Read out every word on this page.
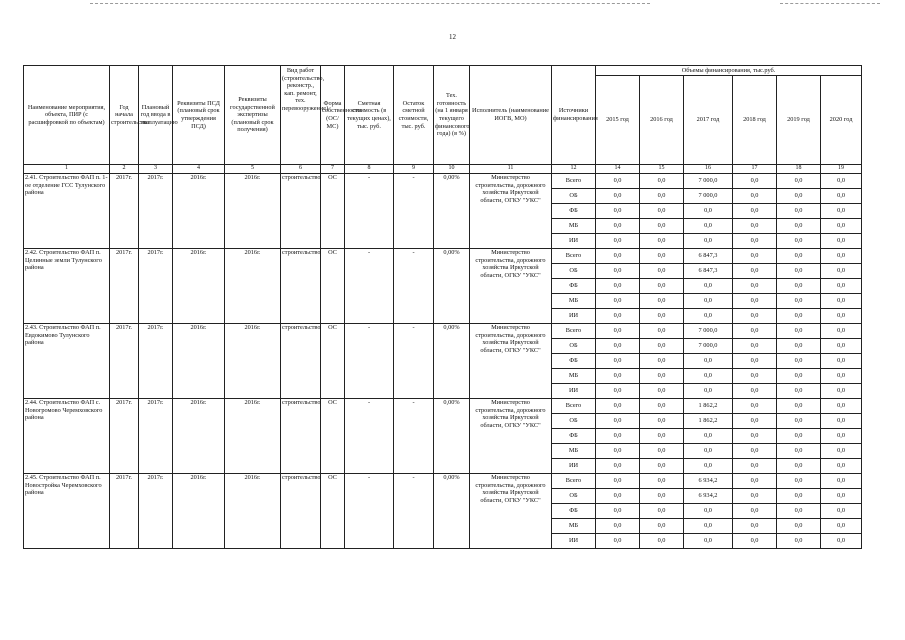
12
Наименование мероприятия, объекта, ПИР (с расшифровкой по объектам)	Год начала строительства	Плановый год ввода в эксплуатацию	Реквизиты ПСД (плановый срок утверждения ПСД)	Реквизиты государственной экспертизы (плановый срок получения)	Вид работ (строительство, реконстр., кап. ремонт, тех. перевооружение)	Форма собственности (ОС/МС)	Сметная стоимость (в текущих ценах), тыс. руб.	Остаток сметной стоимости, тыс. руб.	Тех. готовность (на 1 января текущего финансового года) (в %)	Исполнитель (наименование ИОГВ, МО)	Источники финансирования	Объемы финансирования, тыс.руб.					
												2015 год	2016 год	2017 год	2018 год	2019 год	2020 год
1	2	3	4	5	6	7	8	9	10	11	12	14	15	16	17	18	19
2.41. Строительство ФАП п. 1-ое отделение ГСС Тулунского района	2017г.	2017г.	2016г.	2016г.	строительство	ОС	-	-	0,00%	Министерство строительства, дорожного хозяйства Иркутской области, ОГКУ "УКС"	Всего	0,0	0,0	7 000,0	0,0	0,0	0,0
											ОБ	0,0	0,0	7 000,0	0,0	0,0	0,0
											ФБ	0,0	0,0	0,0	0,0	0,0	0,0
											МБ	0,0	0,0	0,0	0,0	0,0	0,0
											ИИ	0,0	0,0	0,0	0,0	0,0	0,0
2.42. Строительство ФАП п. Целинные земли Тулунского района	2017г.	2017г.	2016г.	2016г.	строительство	ОС	-	-	0,00%	Министерство строительства, дорожного хозяйства Иркутской области, ОГКУ "УКС"	Всего	0,0	0,0	6 847,3	0,0	0,0	0,0
											ОБ	0,0	0,0	6 847,3	0,0	0,0	0,0
											ФБ	0,0	0,0	0,0	0,0	0,0	0,0
											МБ	0,0	0,0	0,0	0,0	0,0	0,0
											ИИ	0,0	0,0	0,0	0,0	0,0	0,0
2.43. Строительство ФАП п. Евдокимово Тулунского района	2017г.	2017г.	2016г.	2016г.	строительство	ОС	-	-	0,00%	Министерство строительства, дорожного хозяйства Иркутской области, ОГКУ "УКС"	Всего	0,0	0,0	7 000,0	0,0	0,0	0,0
											ОБ	0,0	0,0	7 000,0	0,0	0,0	0,0
											ФБ	0,0	0,0	0,0	0,0	0,0	0,0
											МБ	0,0	0,0	0,0	0,0	0,0	0,0
											ИИ	0,0	0,0	0,0	0,0	0,0	0,0
2.44. Строительство ФАП с. Новогромово Черемховского района	2017г.	2017г.	2016г.	2016г.	строительство	ОС	-	-	0,00%	Министерство строительства, дорожного хозяйства Иркутской области, ОГКУ "УКС"	Всего	0,0	0,0	1 862,2	0,0	0,0	0,0
											ОБ	0,0	0,0	1 862,2	0,0	0,0	0,0
											ФБ	0,0	0,0	0,0	0,0	0,0	0,0
											МБ	0,0	0,0	0,0	0,0	0,0	0,0
											ИИ	0,0	0,0	0,0	0,0	0,0	0,0
2.45. Строительство ФАП п. Новостройка Черемховского района	2017г.	2017г.	2016г.	2016г.	строительство	ОС	-	-	0,00%	Министерство строительства, дорожного хозяйства Иркутской области, ОГКУ "УКС"	Всего	0,0	0,0	6 934,2	0,0	0,0	0,0
											ОБ	0,0	0,0	6 934,2	0,0	0,0	0,0
											ФБ	0,0	0,0	0,0	0,0	0,0	0,0
											МБ	0,0	0,0	0,0	0,0	0,0	0,0
											ИИ	0,0	0,0	0,0	0,0	0,0	0,0
